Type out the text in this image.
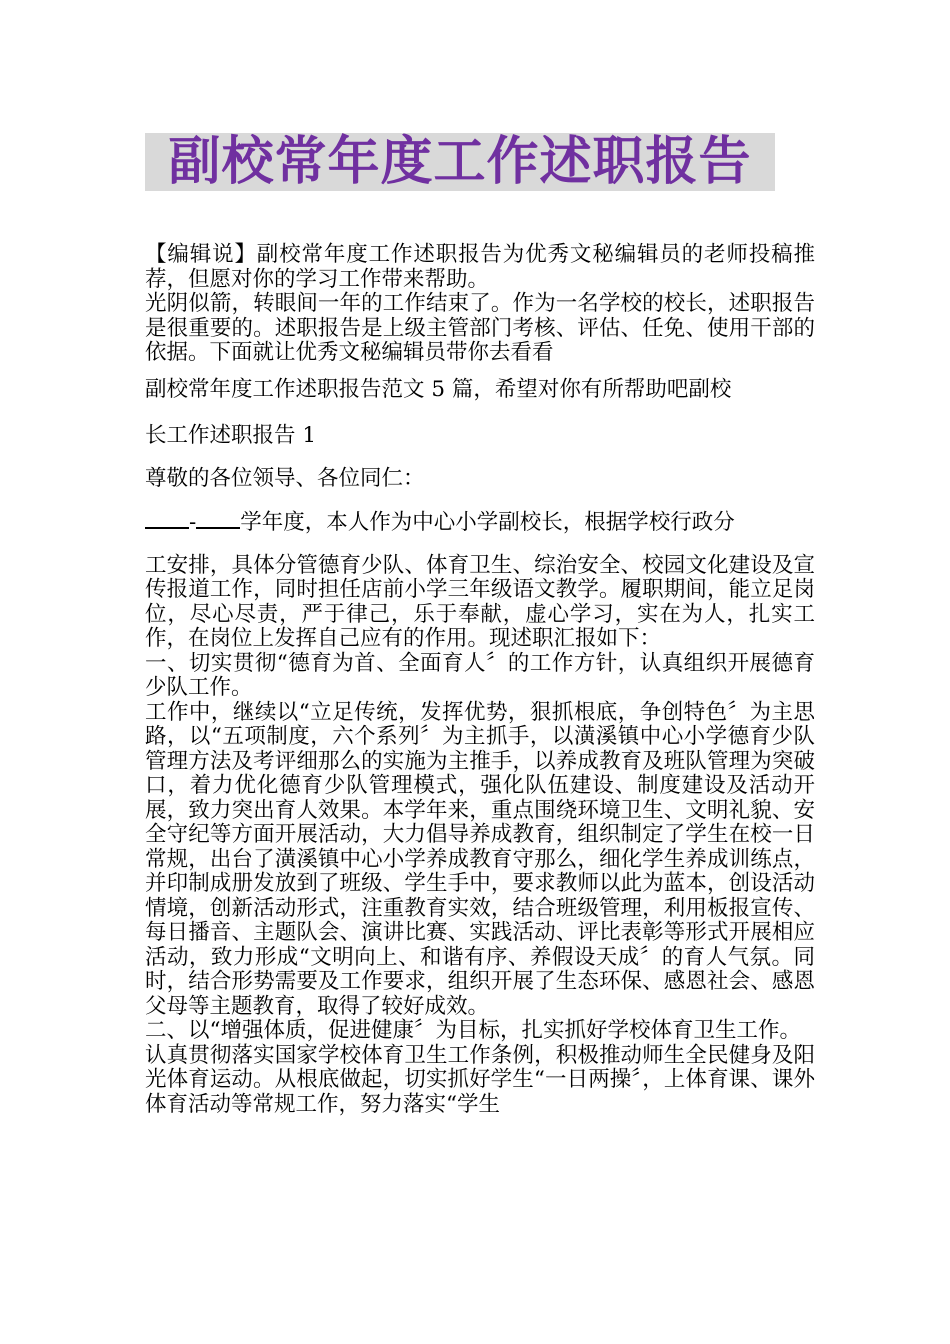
副校常年度工作述职报告

【编辑说】副校常年度工作述职报告为优秀文秘编辑员的老师投稿推荐，但愿对你的学习工作带来帮助。

光阴似箭，转眼间一年的工作结束了。作为一名学校的校长，述职报告是很重要的。述职报告是上级主管部门考核、评估、任免、使用干部的依据。下面就让优秀文秘编辑员带你去看看

副校常年度工作述职报告范文 5 篇，希望对你有所帮助吧副校

长工作述职报告 1

尊敬的各位领导、各位同仁：

- 学年度，本人作为中心小学副校长，根据学校行政分

工安排，具体分管德育少队、体育卫生、综治安全、校园文化建设及宣传报道工作，同时担任店前小学三年级语文教学。履职期间，能立足岗位，尽心尽责，严于律己，乐于奉献，虚心学习，实在为人，扎实工作，在岗位上发挥自己应有的作用。现述职汇报如下：

一、切实贯彻“德育为首、全面育人〞的工作方针，认真组织开展德育少队工作。

工作中，继续以“立足传统，发挥优势，狠抓根底，争创特色〞为主思路，以“五项制度，六个系列〞为主抓手，以潢溪镇中心小学德育少队管理方法及考评细那么的实施为主推手，以养成教育及班队管理为突破口，着力优化德育少队管理模式，强化队伍建设、制度建设及活动开展，致力突出育人效果。本学年来，重点围绕环境卫生、文明礼貌、安全守纪等方面开展活动，大力倡导养成教育，组织制定了学生在校一日常规，出台了潢溪镇中心小学养成教育守那么，细化学生养成训练点，并印制成册发放到了班级、学生手中，要求教师以此为蓝本，创设活动情境，创新活动形式，注重教育实效，结合班级管理，利用板报宣传、每日播音、主题队会、演讲比赛、实践活动、评比表彰等形式开展相应活动，致力形成“文明向上、和谐有序、养假设天成〞的育人气氛。同时，结合形势需要及工作要求，组织开展了生态环保、感恩社会、感恩父母等主题教育，取得了较好成效。

二、以“增强体质，促进健康〞为目标，扎实抓好学校体育卫生工作。

认真贯彻落实国家学校体育卫生工作条例，积极推动师生全民健身及阳光体育运动。从根底做起，切实抓好学生“一日两操〞，上体育课、课外体育活动等常规工作，努力落实“学生
